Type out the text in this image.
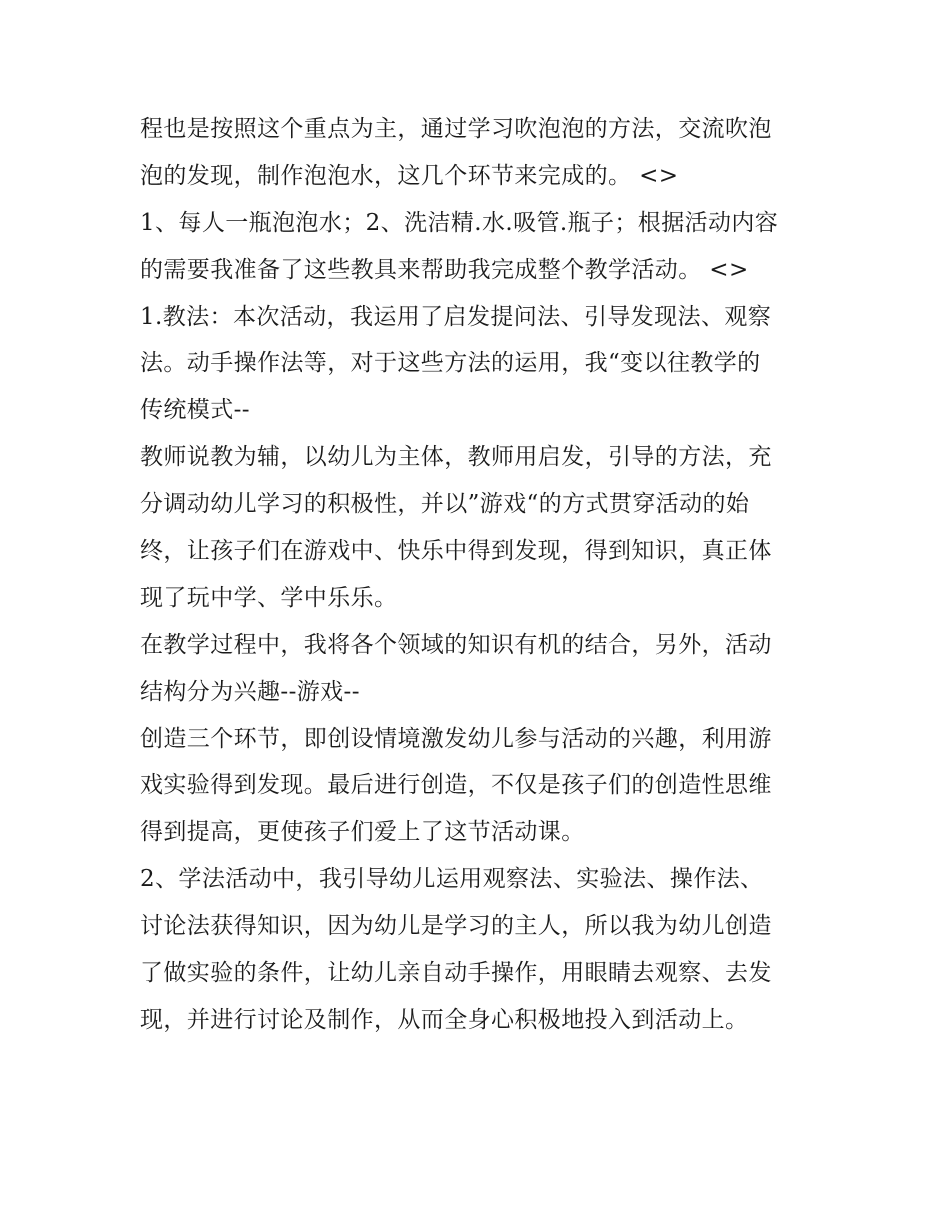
程也是按照这个重点为主，通过学习吹泡泡的方法，交流吹泡
泡的发现，制作泡泡水，这几个环节来完成的。 <>
1、每人一瓶泡泡水；2、洗洁精.水.吸管.瓶子；根据活动内容
的需要我准备了这些教具来帮助我完成整个教学活动。 <>
1.教法：本次活动，我运用了启发提问法、引导发现法、观察
法。动手操作法等，对于这些方法的运用，我“变以往教学的
传统模式--
教师说教为辅，以幼儿为主体，教师用启发，引导的方法，充
分调动幼儿学习的积极性，并以”游戏“的方式贯穿活动的始
终，让孩子们在游戏中、快乐中得到发现，得到知识，真正体
现了玩中学、学中乐乐。
在教学过程中，我将各个领域的知识有机的结合，另外，活动
结构分为兴趣--游戏--
创造三个环节，即创设情境激发幼儿参与活动的兴趣，利用游
戏实验得到发现。最后进行创造，不仅是孩子们的创造性思维
得到提高，更使孩子们爱上了这节活动课。
2、学法活动中，我引导幼儿运用观察法、实验法、操作法、
讨论法获得知识，因为幼儿是学习的主人，所以我为幼儿创造
了做实验的条件，让幼儿亲自动手操作，用眼睛去观察、去发
现，并进行讨论及制作，从而全身心积极地投入到活动上。
